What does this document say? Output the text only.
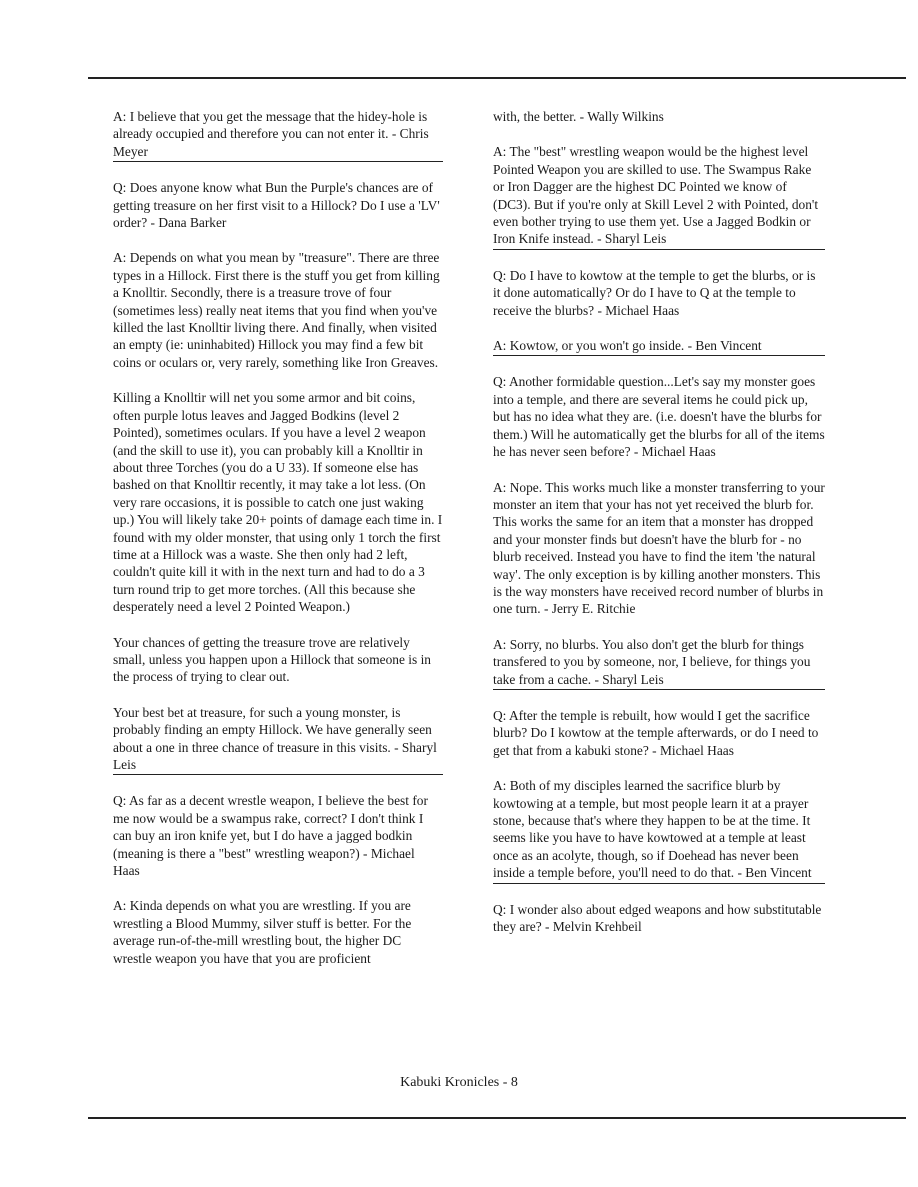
A: I believe that you get the message that the hidey-hole is already occupied and therefore you can not enter it. - Chris Meyer

Q: Does anyone know what Bun the Purple's chances are of getting treasure on her first visit to a Hillock? Do I use a 'LV' order? - Dana Barker

A: Depends on what you mean by "treasure". There are three types in a Hillock. First there is the stuff you get from killing a Knolltir. Secondly, there is a treasure trove of four (sometimes less) really neat items that you find when you've killed the last Knolltir living there. And finally, when visited an empty (ie: uninhabited) Hillock you may find a few bit coins or oculars or, very rarely, something like Iron Greaves.

Killing a Knolltir will net you some armor and bit coins, often purple lotus leaves and Jagged Bodkins (level 2 Pointed), sometimes oculars. If you have a level 2 weapon (and the skill to use it), you can probably kill a Knolltir in about three Torches (you do a U 33). If someone else has bashed on that Knolltir recently, it may take a lot less. (On very rare occasions, it is possible to catch one just waking up.) You will likely take 20+ points of damage each time in. I found with my older monster, that using only 1 torch the first time at a Hillock was a waste. She then only had 2 left, couldn't quite kill it with in the next turn and had to do a 3 turn round trip to get more torches. (All this because she desperately need a level 2 Pointed Weapon.)

Your chances of getting the treasure trove are relatively small, unless you happen upon a Hillock that someone is in the process of trying to clear out.

Your best bet at treasure, for such a young monster, is probably finding an empty Hillock. We have generally seen about a one in three chance of treasure in this visits. - Sharyl Leis

Q: As far as a decent wrestle weapon, I believe the best for me now would be a swampus rake, correct? I don't think I can buy an iron knife yet, but I do have a jagged bodkin (meaning is there a "best" wrestling weapon?) - Michael Haas

A: Kinda depends on what you are wrestling. If you are wrestling a Blood Mummy, silver stuff is better. For the average run-of-the-mill wrestling bout, the higher DC wrestle weapon you have that you are proficient

with, the better. - Wally Wilkins

A: The "best" wrestling weapon would be the highest level Pointed Weapon you are skilled to use. The Swampus Rake or Iron Dagger are the highest DC Pointed we know of (DC3). But if you're only at Skill Level 2 with Pointed, don't even bother trying to use them yet. Use a Jagged Bodkin or Iron Knife instead. - Sharyl Leis

Q: Do I have to kowtow at the temple to get the blurbs, or is it done automatically? Or do I have to Q at the temple to receive the blurbs? - Michael Haas

A: Kowtow, or you won't go inside. - Ben Vincent

Q: Another formidable question...Let's say my monster goes into a temple, and there are several items he could pick up, but has no idea what they are. (i.e. doesn't have the blurbs for them.) Will he automatically get the blurbs for all of the items he has never seen before? - Michael Haas

A: Nope. This works much like a monster transferring to your monster an item that your has not yet received the blurb for. This works the same for an item that a monster has dropped and your monster finds but doesn't have the blurb for - no blurb received. Instead you have to find the item 'the natural way'. The only exception is by killing another monsters. This is the way monsters have received record number of blurbs in one turn. - Jerry E. Ritchie

A: Sorry, no blurbs. You also don't get the blurb for things transfered to you by someone, nor, I believe, for things you take from a cache. - Sharyl Leis

Q: After the temple is rebuilt, how would I get the sacrifice blurb? Do I kowtow at the temple afterwards, or do I need to get that from a kabuki stone? - Michael Haas

A: Both of my disciples learned the sacrifice blurb by kowtowing at a temple, but most people learn it at a prayer stone, because that's where they happen to be at the time. It seems like you have to have kowtowed at a temple at least once as an acolyte, though, so if Doehead has never been inside a temple before, you'll need to do that. - Ben Vincent

Q: I wonder also about edged weapons and how substitutable they are? - Melvin Krehbeil

Kabuki Kronicles - 8
